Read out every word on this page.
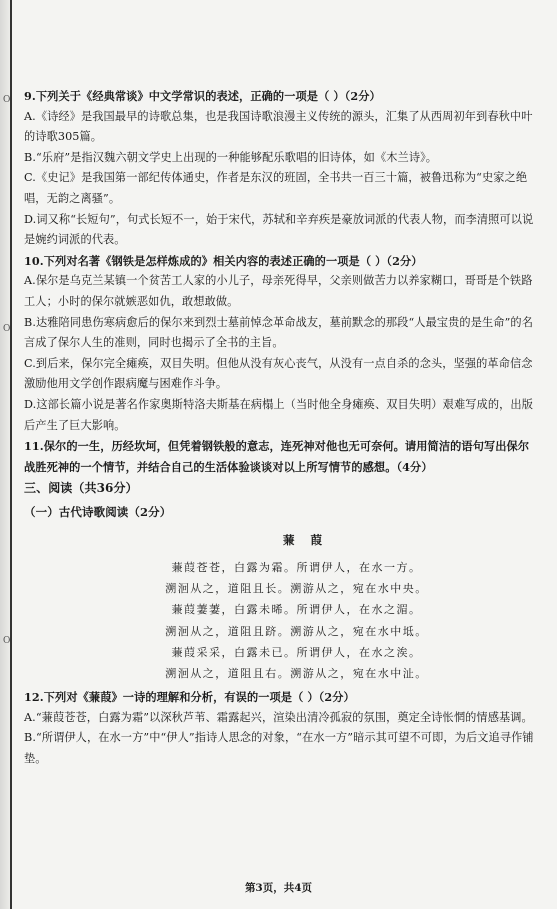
O
O
O

9.下列关于《经典常谈》中文学常识的表述，正确的一项是（ ）（2分）

A.《诗经》是我国最早的诗歌总集，也是我国诗歌浪漫主义传统的源头，汇集了从西周初年到春秋中叶的诗歌305篇。

B.“乐府”是指汉魏六朝文学史上出现的一种能够配乐歌唱的旧诗体，如《木兰诗》。

C.《史记》是我国第一部纪传体通史，作者是东汉的班固，全书共一百三十篇，被鲁迅称为“史家之绝唱，无韵之离骚”。

D.词又称“长短句”，句式长短不一，始于宋代，苏轼和辛弃疾是豪放词派的代表人物，而李清照可以说是婉约词派的代表。

10.下列对名著《钢铁是怎样炼成的》相关内容的表述正确的一项是（ ）（2分）

A.保尔是乌克兰某镇一个贫苦工人家的小儿子，母亲死得早，父亲则做苦力以养家糊口，哥哥是个铁路工人；小时的保尔就嫉恶如仇，敢想敢做。

B.达雅陪同患伤寒病愈后的保尔来到烈士墓前悼念革命战友，墓前默念的那段“人最宝贵的是生命”的名言成了保尔人生的准则，同时也揭示了全书的主旨。

C.到后来，保尔完全瘫痪，双目失明。但他从没有灰心丧气，从没有一点自杀的念头，坚强的革命信念激励他用文学创作跟病魔与困难作斗争。

D.这部长篇小说是著名作家奥斯特洛夫斯基在病榻上（当时他全身瘫痪、双目失明）艰难写成的，出版后产生了巨大影响。

11.保尔的一生，历经坎坷，但凭着钢铁般的意志，连死神对他也无可奈何。请用简洁的语句写出保尔战胜死神的一个情节，并结合自己的生活体验谈谈对以上所写情节的感想。（4分）

三、阅读（共36分）

（一）古代诗歌阅读（2分）

蒹 葭
蒹葭苍苍，白露为霜。所谓伊人，在水一方。
溯洄从之，道阻且长。溯游从之，宛在水中央。
蒹葭萋萋，白露未晞。所谓伊人，在水之湄。
溯洄从之，道阻且跻。溯游从之，宛在水中坻。
蒹葭采采，白露未已。所谓伊人，在水之涘。
溯洄从之，道阻且右。溯游从之，宛在水中沚。

12.下列对《蒹葭》一诗的理解和分析，有误的一项是（ ）（2分）

A.“蒹葭苍苍，白露为霜”以深秋芦苇、霜露起兴，渲染出清冷孤寂的氛围，奠定全诗怅惘的情感基调。

B.“所谓伊人，在水一方”中“伊人”指诗人思念的对象，“在水一方”暗示其可望不可即，为后文追寻作铺垫。

第3页，共4页
